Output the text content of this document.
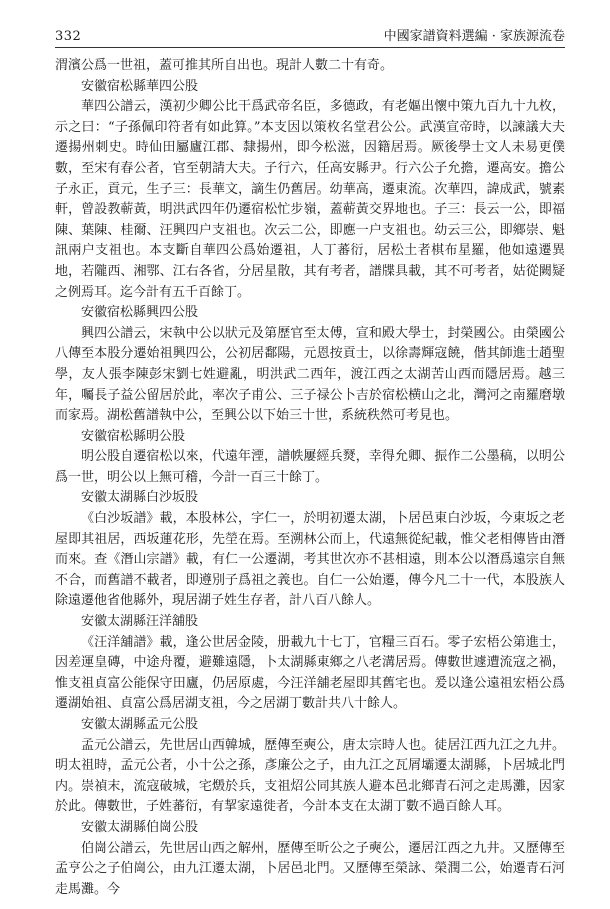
332	中國家譜資料選編 · 家族源流卷

渭濱公爲一世祖，蓋可推其所自出也。現計人數二十有奇。

安徽宿松縣華四公股

華四公譜云，漢初少卿公比干爲武帝名臣，多德政，有老嫗出懷中策九百九十九枚，示之曰：“子孫佩印符者有如此算。”本支因以策枚名堂君公公。武漢宣帝時，以諫議大夫遷揚州刺史。時仙田屬廬江郡、隸揚州，即今松滋，因籍居焉。厥後學士文人未易更僕數，至宋有春公者，官至朝請大夫。子行六，任高安縣尹。行六公子允擔，遷高安。擔公子永正，貢元，生子三：長華文，謫生仍舊居。幼華高，遷東流。次華四，諱成武，號素軒，曾設教蕲黃，明洪武四年仍遷宿松忙步嶺，蓋蕲黃交界地也。子三：長云一公，即福陳、葉陳、桂爾、汪興四户支祖也。次云二公，即應一户支祖也。幼云三公，即鄉崇、魁訊兩户支祖也。本支斷自華四公爲始遷祖，人丁蕃衍，居松土者棋布星羅，他如遠遷異地，若隴西、湘鄂、江右各省，分居星散，其有考者，譜牒具載，其不可考者，姑從闕疑之例焉耳。迄今計有五千百餘丁。

安徽宿松縣興四公股

興四公譜云，宋執中公以狀元及第歷官至太傅，宣和殿大學士，封榮國公。由榮國公八傳至本股分遷始祖興四公，公初居鄱陽，元恩按貢士，以徐壽輝寇饒，偕其師進士趙聖學，友人張李陳彭宋劉七姓避亂，明洪武二西年，渡江西之太湖苦山西而隱居焉。越三年，囑長子益公留居於此，率次子甫公、三子禄公卜吉於宿松横山之北，灣河之南羅磨墩而家焉。湖松舊譜執中公，至興公以下始三十世，系統秩然可考見也。

安徽宿松縣明公股

明公股自遷宿松以來，代遠年湮，譜帙屢經兵燹，幸得允卿、振作二公墨稿，以明公爲一世，明公以上無可稽，今計一百三十餘丁。

安徽太湖縣白沙坂股

《白沙坂譜》載，本股林公，字仁一，於明初遷太湖，卜居邑東白沙坂，今東坂之老屋即其祖居，西坂蓮花形，先塋在焉。至溯林公而上，代遠無從紀載，惟父老相傳皆由潛而來。查《潛山宗譜》載，有仁一公遷湖，考其世次亦不甚相遠，則本公以潛爲遠宗自無不合，而舊譜不載者，即遵別子爲祖之義也。自仁一公始遷，傳今凡二十一代，本股族人除遠遷他省他縣外，現居湖子姓生存者，計八百八餘人。

安徽太湖縣汪洋舖股

《汪洋舖譜》載，逢公世居金陵，册載九十七丁，官糧三百石。零子宏梧公第進士，因差運皇磚，中途舟覆，避難遠隱，卜太湖縣東鄉之八老溝居焉。傳數世遽遭流寇之禍，惟支祖貞富公能保守田廬，仍居原處，今汪洋舖老屋即其舊宅也。爰以逢公遠祖宏梧公爲遷湖始祖、貞富公爲居湖支祖，今之居湖丁數計共八十餘人。

安徽太湖縣孟元公股

孟元公譜云，先世居山西韓城，歷傳至奭公，唐太宗時人也。徒居江西九江之九井。明太祖時，孟元公者，小十公之孫，彥廉公之子，由九江之瓦屑壩遷太湖縣，卜居城北門内。崇禎末，流寇破城，宅燬於兵，支祖炤公同其族人避本邑北鄉青石河之走馬灘，因家於此。傳數世，子姓蕃衍，有挈家遠徙者，今計本支在太湖丁數不過百餘人耳。

安徽太湖縣伯崗公股

伯崗公譜云，先世居山西之解州，歷傳至昕公之子奭公，遷居江西之九井。又歷傳至孟亨公之子伯崗公，由九江遷太湖，卜居邑北門。又歷傳至榮詠、榮潤二公，始遷青石河走馬灘。今
